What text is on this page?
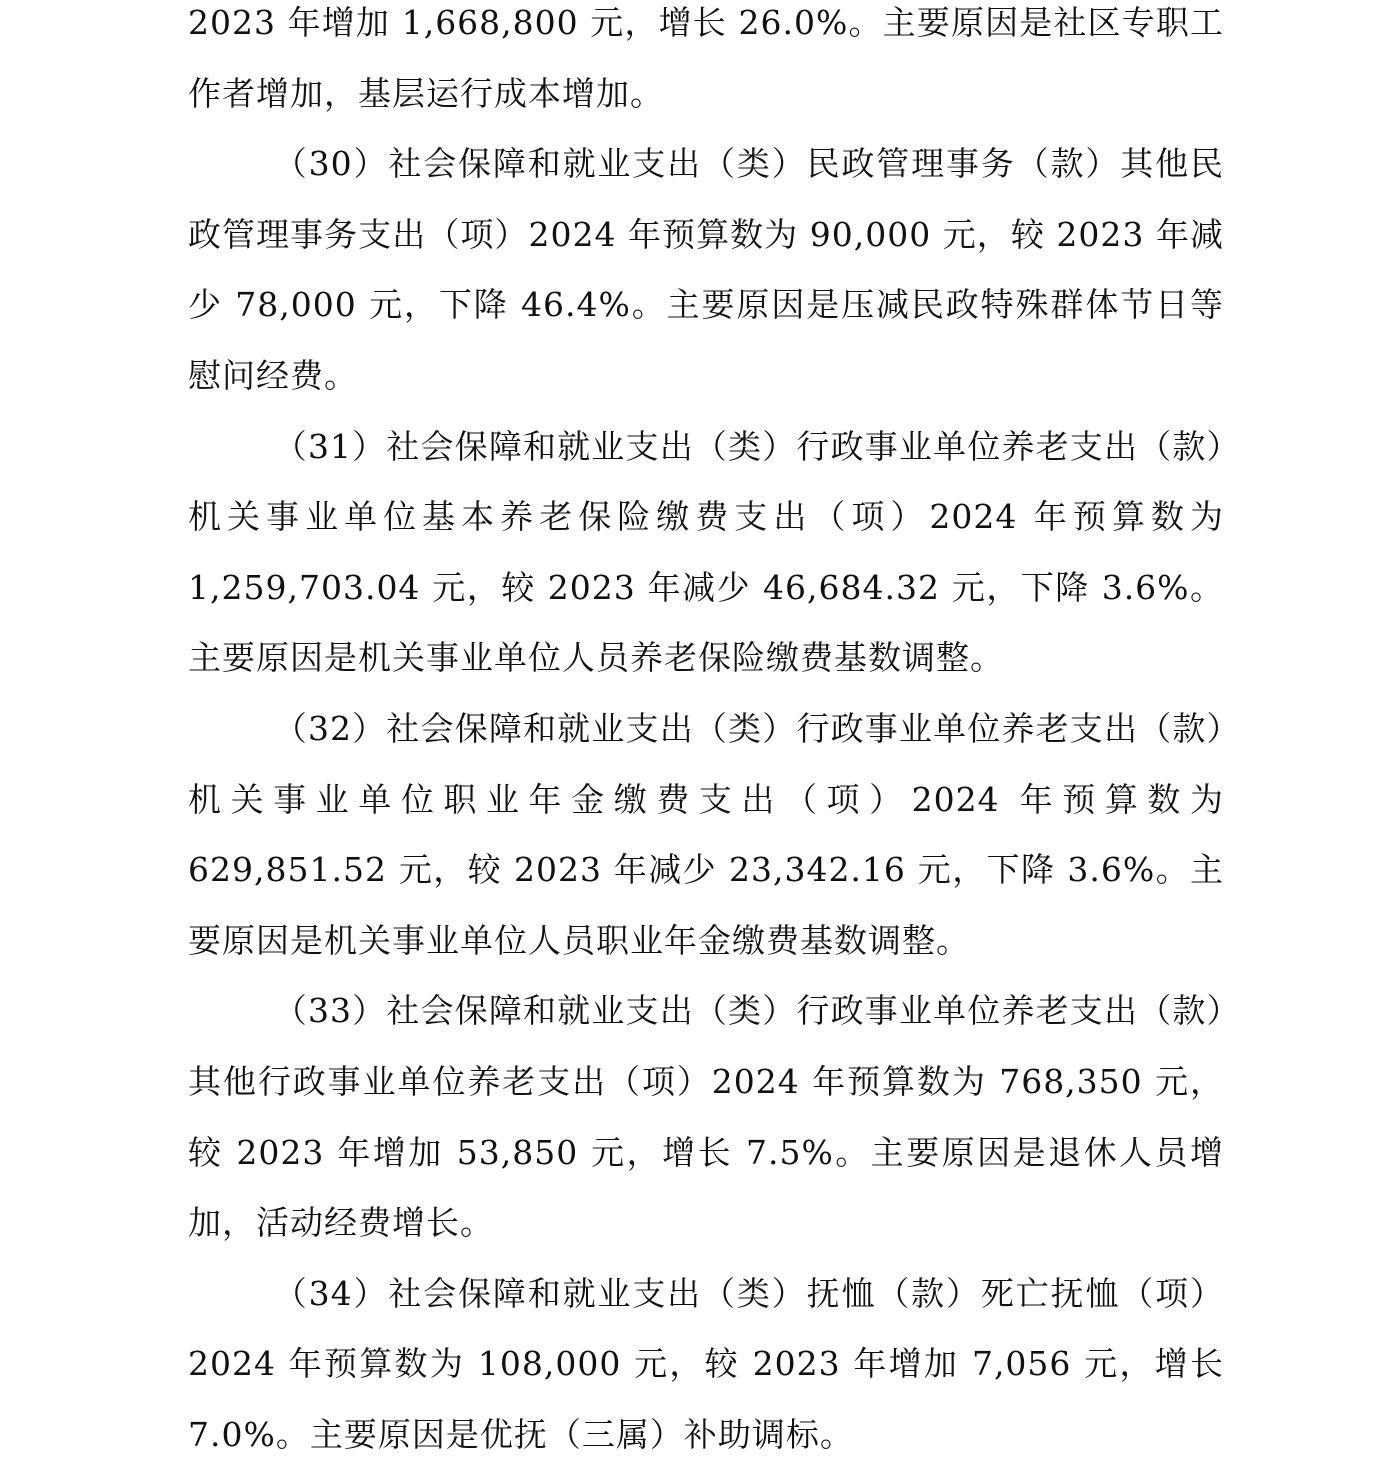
2023 年增加 1,668,800 元，增长 26.0%。主要原因是社区专职工作者增加，基层运行成本增加。

（30）社会保障和就业支出（类）民政管理事务（款）其他民政管理事务支出（项）2024 年预算数为 90,000 元，较 2023 年减少 78,000 元，下降 46.4%。主要原因是压减民政特殊群体节日等慰问经费。

（31）社会保障和就业支出（类）行政事业单位养老支出（款）机关事业单位基本养老保险缴费支出（项）2024 年预算数为 1,259,703.04 元，较 2023 年减少 46,684.32 元，下降 3.6%。主要原因是机关事业单位人员养老保险缴费基数调整。

（32）社会保障和就业支出（类）行政事业单位养老支出（款）机关事业单位职业年金缴费支出（项）2024 年预算数为 629,851.52 元，较 2023 年减少 23,342.16 元，下降 3.6%。主要原因是机关事业单位人员职业年金缴费基数调整。

（33）社会保障和就业支出（类）行政事业单位养老支出（款）其他行政事业单位养老支出（项）2024 年预算数为 768,350 元，较 2023 年增加 53,850 元，增长 7.5%。主要原因是退休人员增加，活动经费增长。

（34）社会保障和就业支出（类）抚恤（款）死亡抚恤（项）2024 年预算数为 108,000 元，较 2023 年增加 7,056 元，增长 7.0%。主要原因是优抚（三属）补助调标。
